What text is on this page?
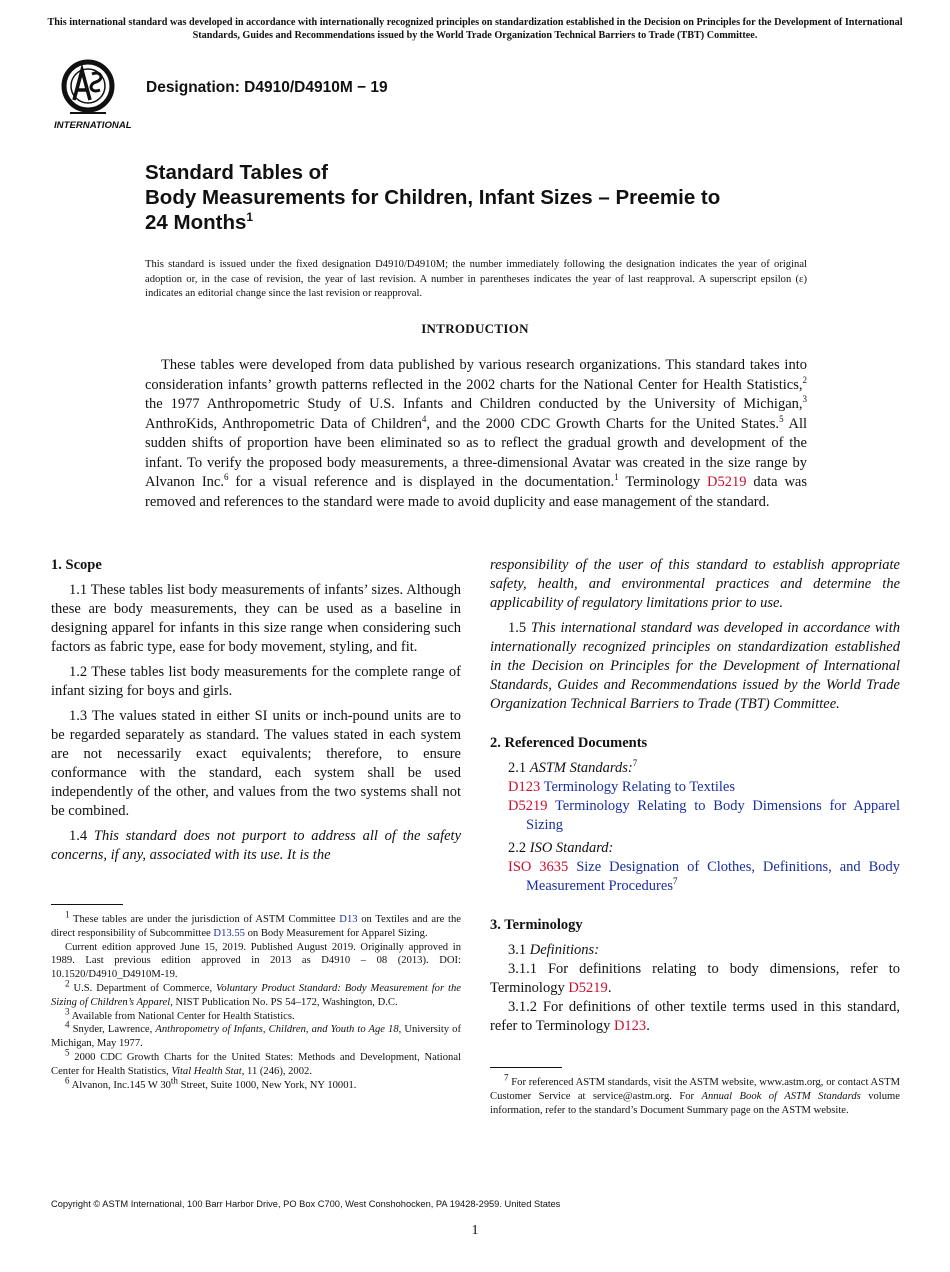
This international standard was developed in accordance with internationally recognized principles on standardization established in the Decision on Principles for the Development of International Standards, Guides and Recommendations issued by the World Trade Organization Technical Barriers to Trade (TBT) Committee.
INTERNATIONAL
Designation: D4910/D4910M − 19
Standard Tables of
Body Measurements for Children, Infant Sizes – Preemie to
24 Months$^1$
This standard is issued under the fixed designation D4910/D4910M; the number immediately following the designation indicates the year of original adoption or, in the case of revision, the year of last revision. A number in parentheses indicates the year of last reapproval. A superscript epsilon (ε) indicates an editorial change since the last revision or reapproval.
INTRODUCTION
These tables were developed from data published by various research organizations. This standard takes into consideration infants’ growth patterns reflected in the 2002 charts for the National Center for Health Statistics,$^2$ the 1977 Anthropometric Study of U.S. Infants and Children conducted by the University of Michigan,$^3$ AnthroKids, Anthropometric Data of Children$^4$, and the 2000 CDC Growth Charts for the United States.$^5$ All sudden shifts of proportion have been eliminated so as to reflect the gradual growth and development of the infant. To verify the proposed body measurements, a three-dimensional Avatar was created in the size range by Alvanon Inc.$^6$ for a visual reference and is displayed in the documentation.$^1$ Terminology D5219 data was removed and references to the standard were made to avoid duplicity and ease management of the standard.

1. Scope

1.1 These tables list body measurements of infants’ sizes. Although these are body measurements, they can be used as a baseline in designing apparel for infants in this size range when considering such factors as fabric type, ease for body movement, styling, and fit.

1.2 These tables list body measurements for the complete range of infant sizing for boys and girls.

1.3 The values stated in either SI units or inch-pound units are to be regarded separately as standard. The values stated in each system are not necessarily exact equivalents; therefore, to ensure conformance with the standard, each system shall be used independently of the other, and values from the two systems shall not be combined.

1.4 This standard does not purport to address all of the safety concerns, if any, associated with its use. It is the

$^1$ These tables are under the jurisdiction of ASTM Committee D13 on Textiles and are the direct responsibility of Subcommittee D13.55 on Body Measurement for Apparel Sizing.

Current edition approved June 15, 2019. Published August 2019. Originally approved in 1989. Last previous edition approved in 2013 as D4910 – 08 (2013). DOI: 10.1520/D4910_D4910M-19.

$^2$ U.S. Department of Commerce, Voluntary Product Standard: Body Measurement for the Sizing of Children’s Apparel, NIST Publication No. PS 54–172, Washington, D.C.

$^3$ Available from National Center for Health Statistics.

$^4$ Snyder, Lawrence, Anthropometry of Infants, Children, and Youth to Age 18, University of Michigan, May 1977.

$^5$ 2000 CDC Growth Charts for the United States: Methods and Development, National Center for Health Statistics, Vital Health Stat, 11 (246), 2002.

$^6$ Alvanon, Inc.145 W 30th Street, Suite 1000, New York, NY 10001.

responsibility of the user of this standard to establish appropriate safety, health, and environmental practices and determine the applicability of regulatory limitations prior to use.

1.5 This international standard was developed in accordance with internationally recognized principles on standardization established in the Decision on Principles for the Development of International Standards, Guides and Recommendations issued by the World Trade Organization Technical Barriers to Trade (TBT) Committee.

2. Referenced Documents

2.1 ASTM Standards:$^7$

D123 Terminology Relating to Textiles

D5219 Terminology Relating to Body Dimensions for Apparel Sizing

2.2 ISO Standard:

ISO 3635 Size Designation of Clothes, Definitions, and Body Measurement Procedures$^7$

3. Terminology

3.1 Definitions:

3.1.1 For definitions relating to body dimensions, refer to Terminology D5219.

3.1.2 For definitions of other textile terms used in this standard, refer to Terminology D123.

$^7$ For referenced ASTM standards, visit the ASTM website, www.astm.org, or contact ASTM Customer Service at service@astm.org. For Annual Book of ASTM Standards volume information, refer to the standard’s Document Summary page on the ASTM website.

Copyright © ASTM International, 100 Barr Harbor Drive, PO Box C700, West Conshohocken, PA 19428-2959. United States
1
